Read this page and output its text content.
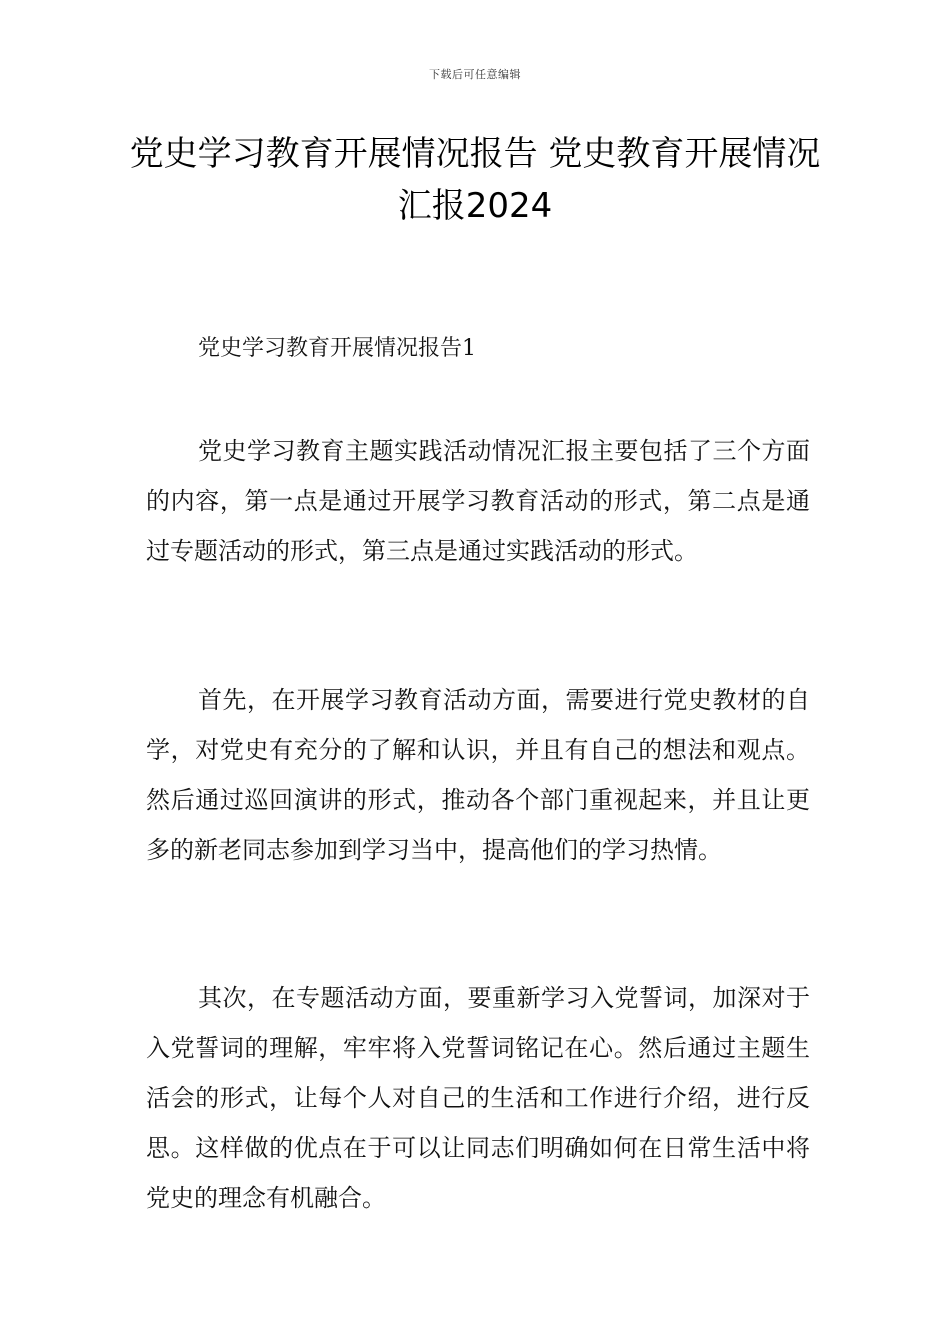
下载后可任意编辑
党史学习教育开展情况报告 党史教育开展情况汇报2024
党史学习教育开展情况报告1

党史学习教育主题实践活动情况汇报主要包括了三个方面的内容，第一点是通过开展学习教育活动的形式，第二点是通过专题活动的形式，第三点是通过实践活动的形式。

首先，在开展学习教育活动方面，需要进行党史教材的自学，对党史有充分的了解和认识，并且有自己的想法和观点。然后通过巡回演讲的形式，推动各个部门重视起来，并且让更多的新老同志参加到学习当中，提高他们的学习热情。

其次，在专题活动方面，要重新学习入党誓词，加深对于入党誓词的理解，牢牢将入党誓词铭记在心。然后通过主题生活会的形式，让每个人对自己的生活和工作进行介绍，进行反思。这样做的优点在于可以让同志们明确如何在日常生活中将党史的理念有机融合。
